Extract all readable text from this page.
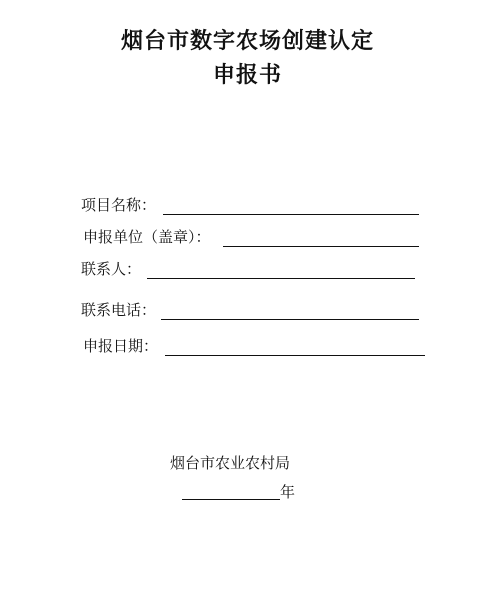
烟台市数字农场创建认定
申报书
项目名称：
申报单位（盖章）：
联系人：
联系电话：
申报日期：
烟台市农业农村局
年
